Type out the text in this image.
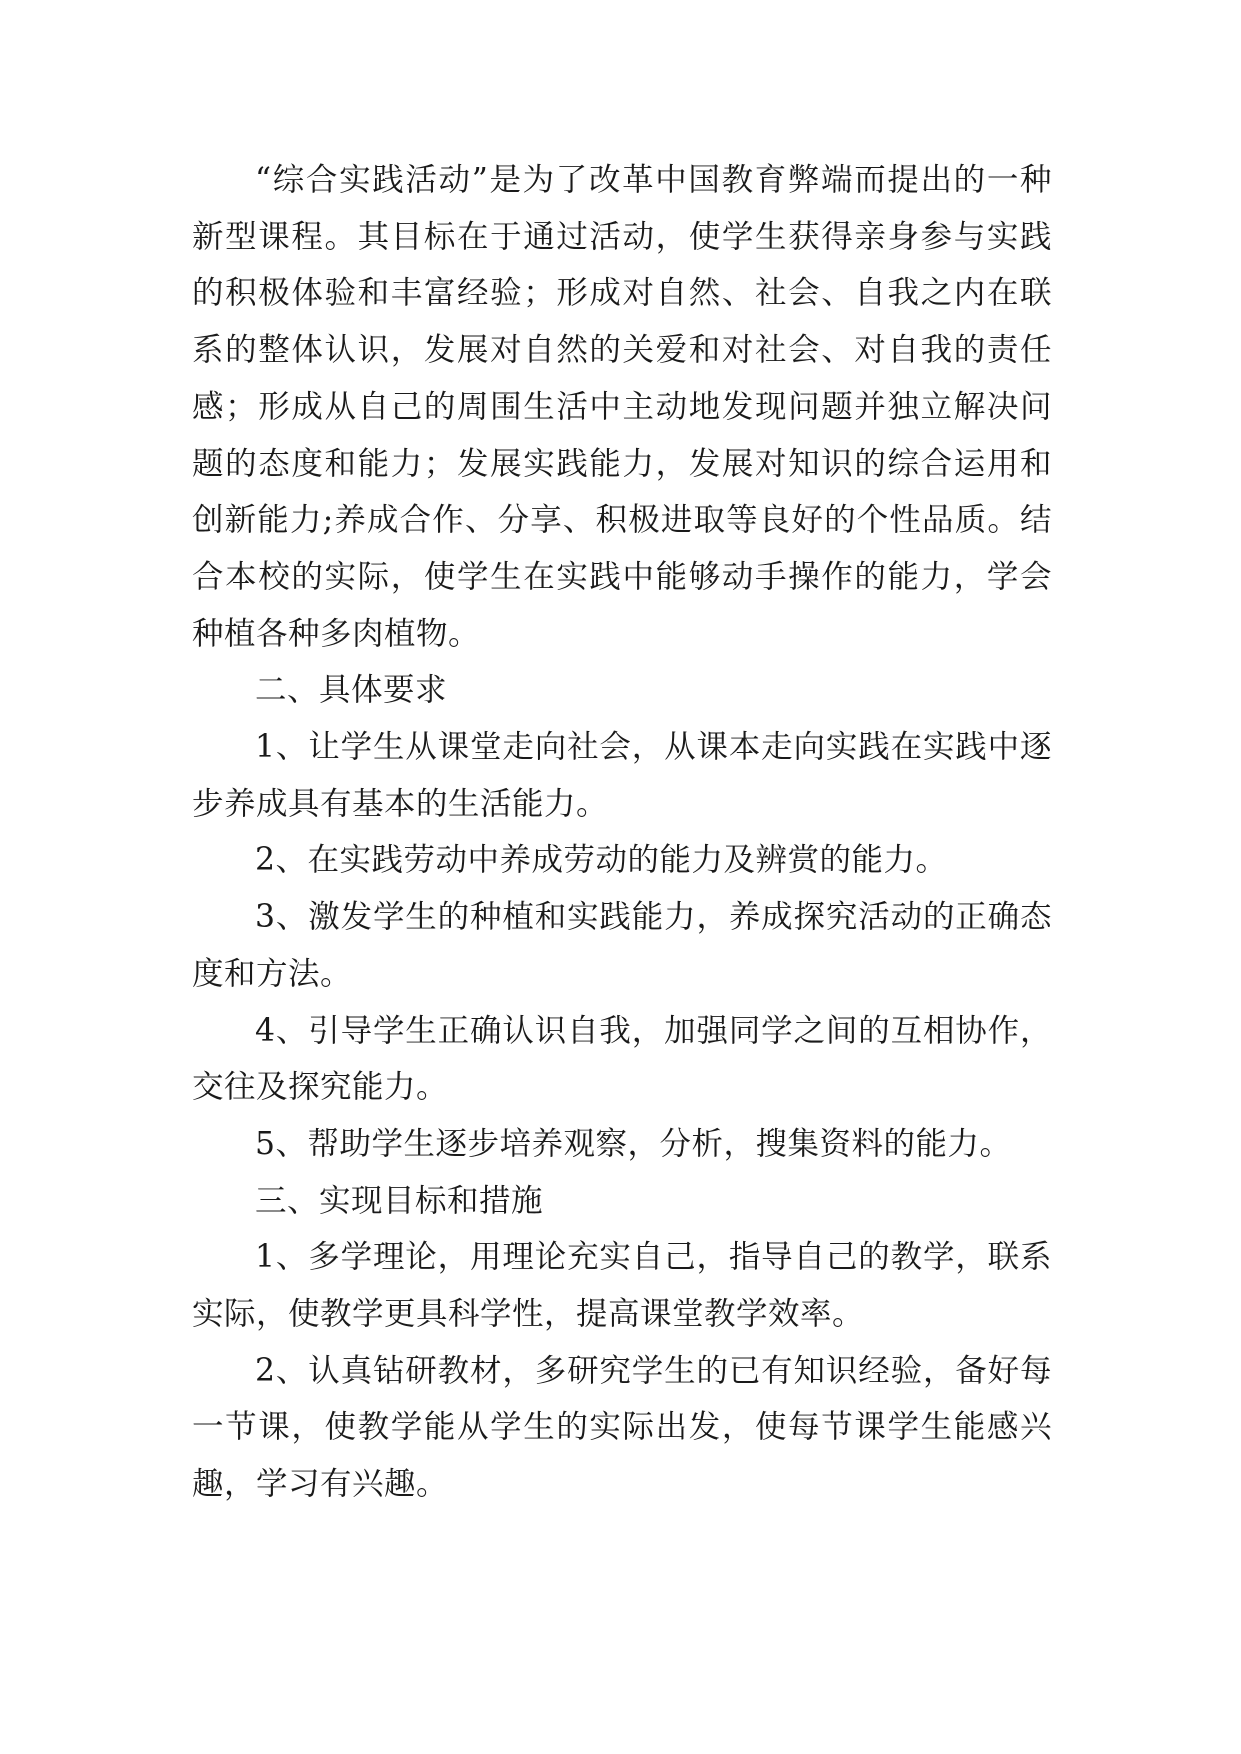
“综合实践活动”是为了改革中国教育弊端而提出的一种新型课程。其目标在于通过活动，使学生获得亲身参与实践的积极体验和丰富经验；形成对自然、社会、自我之内在联系的整体认识，发展对自然的关爱和对社会、对自我的责任感；形成从自己的周围生活中主动地发现问题并独立解决问题的态度和能力；发展实践能力，发展对知识的综合运用和创新能力;养成合作、分享、积极进取等良好的个性品质。结合本校的实际，使学生在实践中能够动手操作的能力，学会种植各种多肉植物。

二、具体要求

1、让学生从课堂走向社会，从课本走向实践在实践中逐步养成具有基本的生活能力。

2、在实践劳动中养成劳动的能力及辨赏的能力。

3、激发学生的种植和实践能力，养成探究活动的正确态度和方法。

4、引导学生正确认识自我，加强同学之间的互相协作，交往及探究能力。

5、帮助学生逐步培养观察，分析，搜集资料的能力。

三、实现目标和措施

1、多学理论，用理论充实自己，指导自己的教学，联系实际，使教学更具科学性，提高课堂教学效率。

2、认真钻研教材，多研究学生的已有知识经验，备好每一节课，使教学能从学生的实际出发，使每节课学生能感兴趣，学习有兴趣。
